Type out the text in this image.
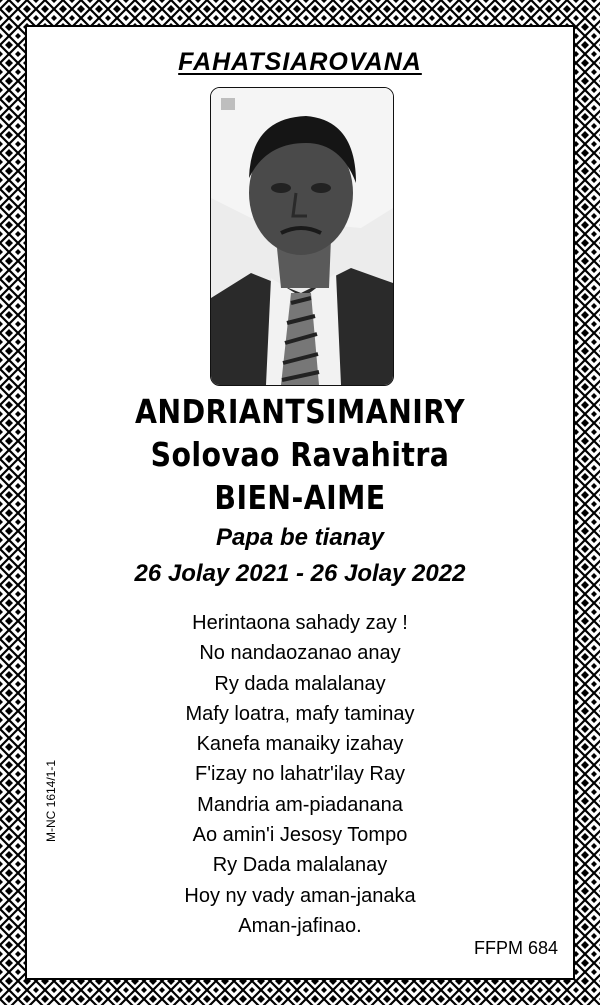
FAHATSIAROVANA
ANDRIANTSIMANIRY
Solovao Ravahitra
BIEN-AIME
Papa be tianay
26 Jolay 2021 - 26 Jolay 2022
Herintaona sahady zay !
No nandaozanao anay
Ry dada malalanay
Mafy loatra, mafy taminay
Kanefa manaiky izahay
F'izay no lahatr'ilay Ray
Mandria am-piadanana
Ao amin'i Jesosy Tompo
Ry Dada malalanay
Hoy ny vady aman-janaka
Aman-jafinao.
M-NC 1614/1-1
FFPM 684
